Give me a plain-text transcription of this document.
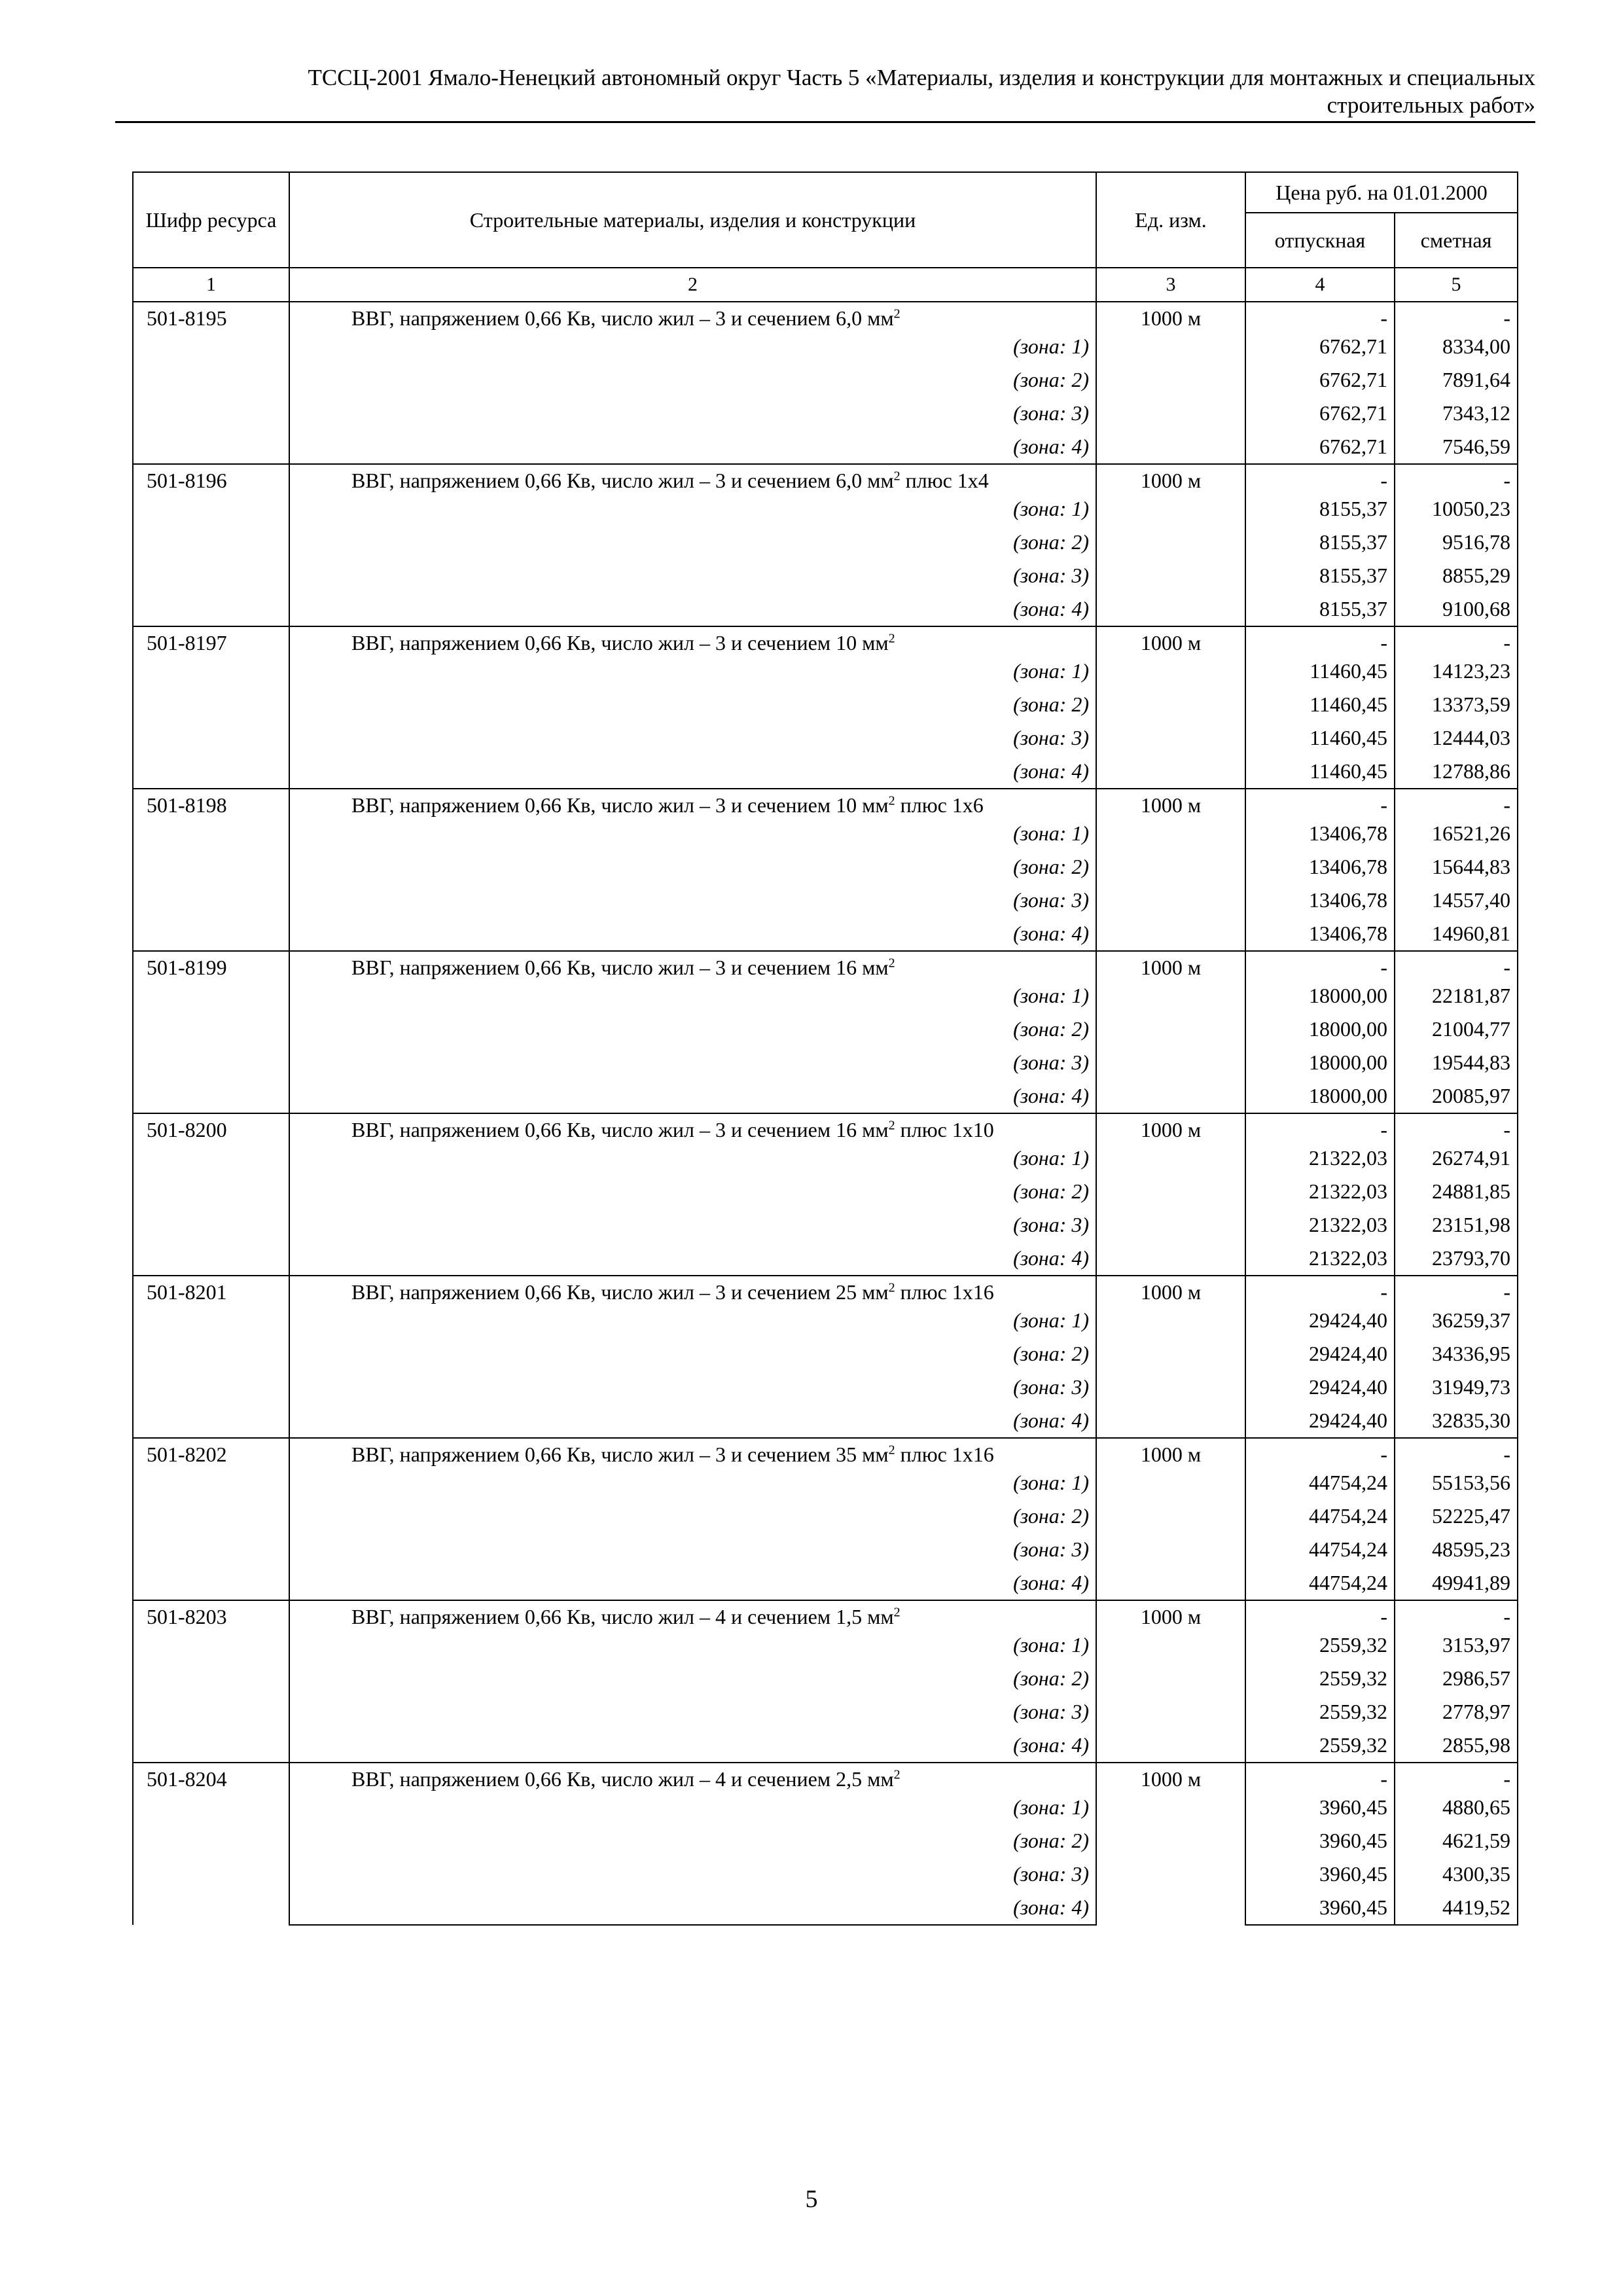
ТССЦ-2001 Ямало-Ненецкий автономный округ Часть 5 «Материалы, изделия и конструкции для монтажных и специальных
строительных работ»
Шифр ресурса	Строительные материалы, изделия и конструкции	Ед. изм.	Цена руб. на 01.01.2000	
			отпускная	сметная
1	2	3	4	5
501-8195	ВВГ, напряжением 0,66 Кв, число жил – 3 и сечением 6,0 $мм^2$	1000 м	-	-
	(зона: 1)		6762,71	8334,00
	(зона: 2)		6762,71	7891,64
	(зона: 3)		6762,71	7343,12
	(зона: 4)		6762,71	7546,59
501-8196	ВВГ, напряжением 0,66 Кв, число жил – 3 и сечением 6,0 $мм^2$ плюс 1х4	1000 м	-	-
	(зона: 1)		8155,37	10050,23
	(зона: 2)		8155,37	9516,78
	(зона: 3)		8155,37	8855,29
	(зона: 4)		8155,37	9100,68
501-8197	ВВГ, напряжением 0,66 Кв, число жил – 3 и сечением 10 $мм^2$	1000 м	-	-
	(зона: 1)		11460,45	14123,23
	(зона: 2)		11460,45	13373,59
	(зона: 3)		11460,45	12444,03
	(зона: 4)		11460,45	12788,86
501-8198	ВВГ, напряжением 0,66 Кв, число жил – 3 и сечением 10 $мм^2$ плюс 1х6	1000 м	-	-
	(зона: 1)		13406,78	16521,26
	(зона: 2)		13406,78	15644,83
	(зона: 3)		13406,78	14557,40
	(зона: 4)		13406,78	14960,81
501-8199	ВВГ, напряжением 0,66 Кв, число жил – 3 и сечением 16 $мм^2$	1000 м	-	-
	(зона: 1)		18000,00	22181,87
	(зона: 2)		18000,00	21004,77
	(зона: 3)		18000,00	19544,83
	(зона: 4)		18000,00	20085,97
501-8200	ВВГ, напряжением 0,66 Кв, число жил – 3 и сечением 16 $мм^2$ плюс 1х10	1000 м	-	-
	(зона: 1)		21322,03	26274,91
	(зона: 2)		21322,03	24881,85
	(зона: 3)		21322,03	23151,98
	(зона: 4)		21322,03	23793,70
501-8201	ВВГ, напряжением 0,66 Кв, число жил – 3 и сечением 25 $мм^2$ плюс 1х16	1000 м	-	-
	(зона: 1)		29424,40	36259,37
	(зона: 2)		29424,40	34336,95
	(зона: 3)		29424,40	31949,73
	(зона: 4)		29424,40	32835,30
501-8202	ВВГ, напряжением 0,66 Кв, число жил – 3 и сечением 35 $мм^2$ плюс 1х16	1000 м	-	-
	(зона: 1)		44754,24	55153,56
	(зона: 2)		44754,24	52225,47
	(зона: 3)		44754,24	48595,23
	(зона: 4)		44754,24	49941,89
501-8203	ВВГ, напряжением 0,66 Кв, число жил – 4 и сечением 1,5 $мм^2$	1000 м	-	-
	(зона: 1)		2559,32	3153,97
	(зона: 2)		2559,32	2986,57
	(зона: 3)		2559,32	2778,97
	(зона: 4)		2559,32	2855,98
501-8204	ВВГ, напряжением 0,66 Кв, число жил – 4 и сечением 2,5 $мм^2$	1000 м	-	-
	(зона: 1)		3960,45	4880,65
	(зона: 2)		3960,45	4621,59
	(зона: 3)		3960,45	4300,35
	(зона: 4)		3960,45	4419,52
5
